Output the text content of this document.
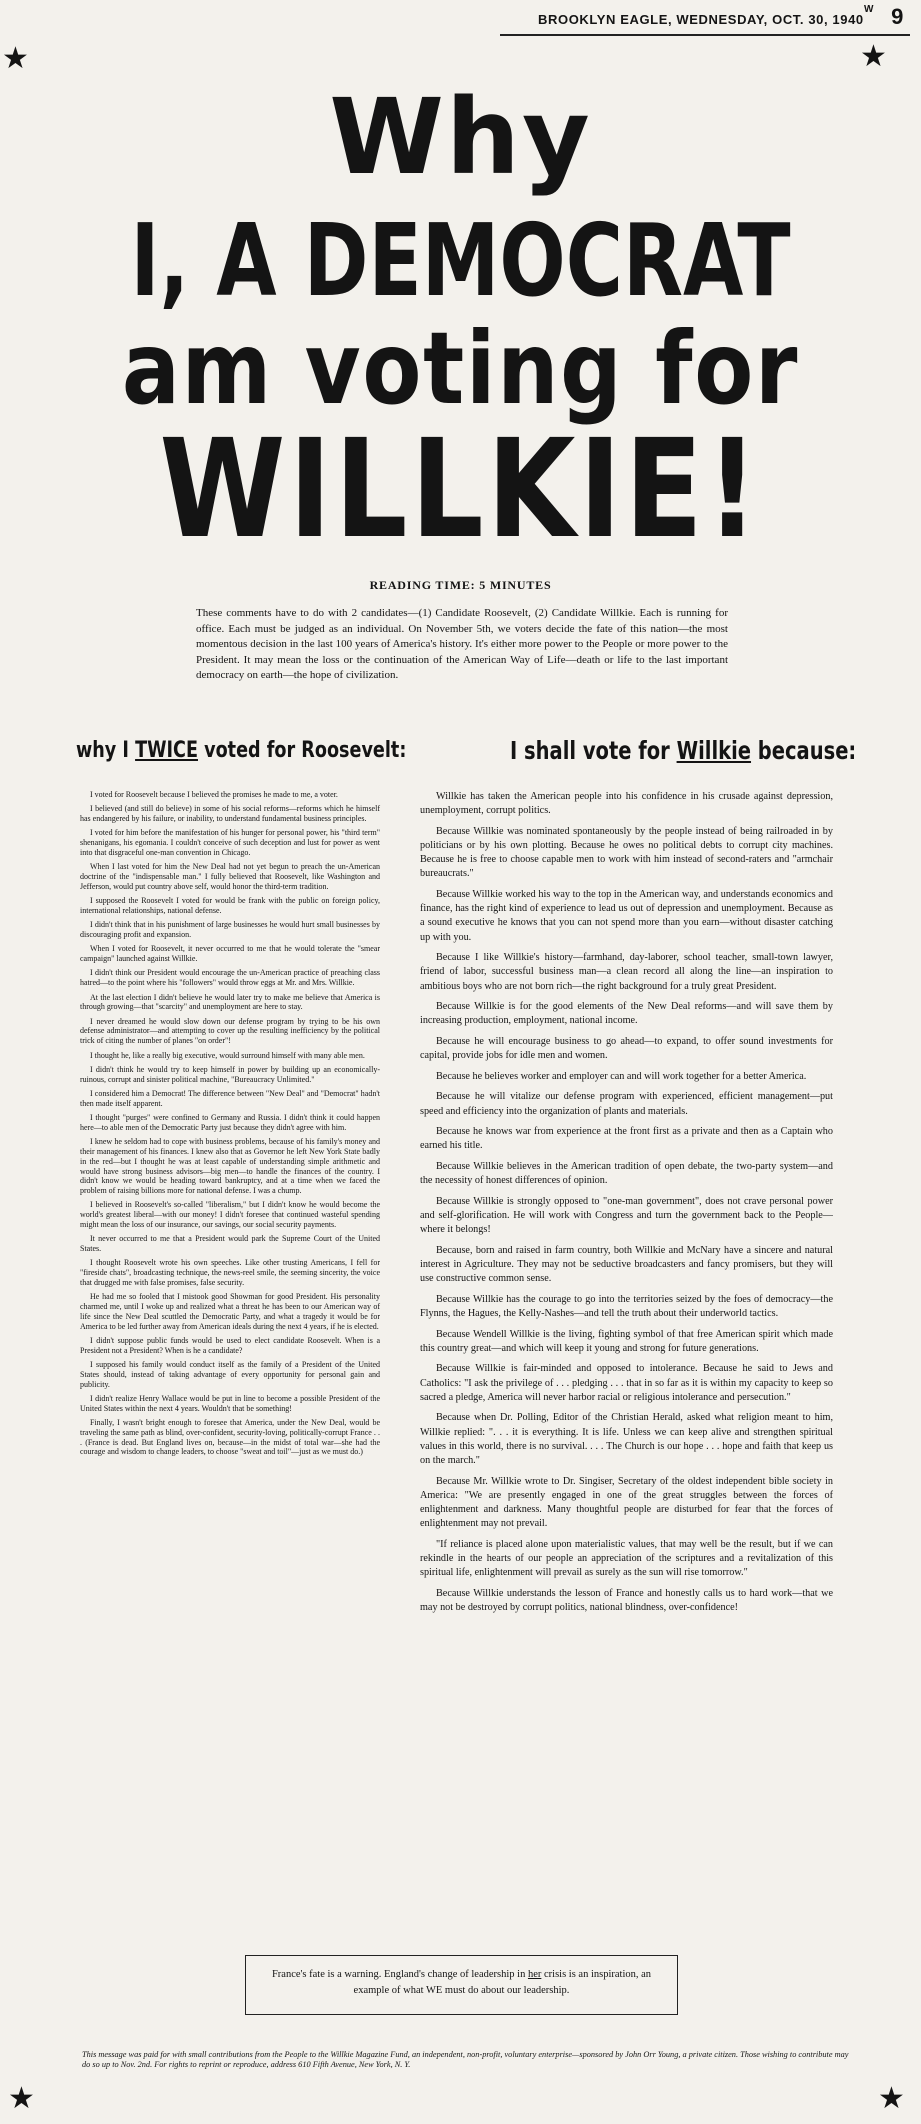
BROOKLYN EAGLE, WEDNESDAY, OCT. 30, 1940
W 9
★	★
★	★
Why
I, A DEMOCRAT
am voting for
WILLKIE!
READING TIME: 5 MINUTES
These comments have to do with 2 candidates—(1) Candidate Roosevelt, (2) Candidate Willkie. Each is running for office. Each must be judged as an individual. On November 5th, we voters decide the fate of this nation—the most momentous decision in the last 100 years of America's history. It's either more power to the People or more power to the President. It may mean the loss or the continuation of the American Way of Life—death or life to the last important democracy on earth—the hope of civilization.
why I TWICE voted for Roosevelt:	I shall vote for Willkie because:

I voted for Roosevelt because I believed the promises he made to me, a voter.

I believed (and still do believe) in some of his social reforms—reforms which he himself has endangered by his failure, or inability, to understand fundamental business principles.

I voted for him before the manifestation of his hunger for personal power, his "third term" shenanigans, his egomania. I couldn't conceive of such deception and lust for power as went into that disgraceful one-man convention in Chicago.

When I last voted for him the New Deal had not yet begun to preach the un-American doctrine of the "indispensable man." I fully believed that Roosevelt, like Washington and Jefferson, would put country above self, would honor the third-term tradition.

I supposed the Roosevelt I voted for would be frank with the public on foreign policy, international relationships, national defense.

I didn't think that in his punishment of large businesses he would hurt small businesses by discouraging profit and expansion.

When I voted for Roosevelt, it never occurred to me that he would tolerate the "smear campaign" launched against Willkie.

I didn't think our President would encourage the un-American practice of preaching class hatred—to the point where his "followers" would throw eggs at Mr. and Mrs. Willkie.

At the last election I didn't believe he would later try to make me believe that America is through growing—that "scarcity" and unemployment are here to stay.

I never dreamed he would slow down our defense program by trying to be his own defense administrator—and attempting to cover up the resulting inefficiency by the political trick of citing the number of planes "on order"!

I thought he, like a really big executive, would surround himself with many able men.

I didn't think he would try to keep himself in power by building up an economically-ruinous, corrupt and sinister political machine, "Bureaucracy Unlimited."

I considered him a Democrat! The difference between "New Deal" and "Democrat" hadn't then made itself apparent.

I thought "purges" were confined to Germany and Russia. I didn't think it could happen here—to able men of the Democratic Party just because they didn't agree with him.

I knew he seldom had to cope with business problems, because of his family's money and their management of his finances. I knew also that as Governor he left New York State badly in the red—but I thought he was at least capable of understanding simple arithmetic and would have strong business advisors—big men—to handle the finances of the country. I didn't know we would be heading toward bankruptcy, and at a time when we faced the problem of raising billions more for national defense. I was a chump.

I believed in Roosevelt's so-called "liberalism," but I didn't know he would become the world's greatest liberal—with our money! I didn't foresee that continued wasteful spending might mean the loss of our insurance, our savings, our social security payments.

It never occurred to me that a President would park the Supreme Court of the United States.

I thought Roosevelt wrote his own speeches. Like other trusting Americans, I fell for "fireside chats", broadcasting technique, the news-reel smile, the seeming sincerity, the voice that drugged me with false promises, false security.

He had me so fooled that I mistook good Showman for good President. His personality charmed me, until I woke up and realized what a threat he has been to our American way of life since the New Deal scuttled the Democratic Party, and what a tragedy it would be for America to be led further away from American ideals during the next 4 years, if he is elected.

I didn't suppose public funds would be used to elect candidate Roosevelt. When is a President not a President? When is he a candidate?

I supposed his family would conduct itself as the family of a President of the United States should, instead of taking advantage of every opportunity for personal gain and publicity.

I didn't realize Henry Wallace would be put in line to become a possible President of the United States within the next 4 years. Wouldn't that be something!

Finally, I wasn't bright enough to foresee that America, under the New Deal, would be traveling the same path as blind, over-confident, security-loving, politically-corrupt France . . . (France is dead. But England lives on, because—in the midst of total war—she had the courage and wisdom to change leaders, to choose "sweat and toil"—just as we must do.)

Willkie has taken the American people into his confidence in his crusade against depression, unemployment, corrupt politics.

Because Willkie was nominated spontaneously by the people instead of being railroaded in by politicians or by his own plotting. Because he owes no political debts to corrupt city machines. Because he is free to choose capable men to work with him instead of second-raters and "armchair bureaucrats."

Because Willkie worked his way to the top in the American way, and understands economics and finance, has the right kind of experience to lead us out of depression and unemployment. Because as a sound executive he knows that you can not spend more than you earn—without disaster catching up with you.

Because I like Willkie's history—farmhand, day-laborer, school teacher, small-town lawyer, friend of labor, successful business man—a clean record all along the line—an inspiration to ambitious boys who are not born rich—the right background for a truly great President.

Because Willkie is for the good elements of the New Deal reforms—and will save them by increasing production, employment, national income.

Because he will encourage business to go ahead—to expand, to offer sound investments for capital, provide jobs for idle men and women.

Because he believes worker and employer can and will work together for a better America.

Because he will vitalize our defense program with experienced, efficient management—put speed and efficiency into the organization of plants and materials.

Because he knows war from experience at the front first as a private and then as a Captain who earned his title.

Because Willkie believes in the American tradition of open debate, the two-party system—and the necessity of honest differences of opinion.

Because Willkie is strongly opposed to "one-man government", does not crave personal power and self-glorification. He will work with Congress and turn the government back to the People—where it belongs!

Because, born and raised in farm country, both Willkie and McNary have a sincere and natural interest in Agriculture. They may not be seductive broadcasters and fancy promisers, but they will use constructive common sense.

Because Willkie has the courage to go into the territories seized by the foes of democracy—the Flynns, the Hagues, the Kelly-Nashes—and tell the truth about their underworld tactics.

Because Wendell Willkie is the living, fighting symbol of that free American spirit which made this country great—and which will keep it young and strong for future generations.

Because Willkie is fair-minded and opposed to intolerance. Because he said to Jews and Catholics: "I ask the privilege of . . . pledging . . . that in so far as it is within my capacity to keep so sacred a pledge, America will never harbor racial or religious intolerance and persecution."

Because when Dr. Polling, Editor of the Christian Herald, asked what religion meant to him, Willkie replied: ". . . it is everything. It is life. Unless we can keep alive and strengthen spiritual values in this world, there is no survival. . . . The Church is our hope . . . hope and faith that keep us on the march."

Because Mr. Willkie wrote to Dr. Singiser, Secretary of the oldest independent bible society in America: "We are presently engaged in one of the great struggles between the forces of enlightenment and darkness. Many thoughtful people are disturbed for fear that the forces of enlightenment may not prevail.

"If reliance is placed alone upon materialistic values, that may well be the result, but if we can rekindle in the hearts of our people an appreciation of the scriptures and a revitalization of this spiritual life, enlightenment will prevail as surely as the sun will rise tomorrow."

Because Willkie understands the lesson of France and honestly calls us to hard work—that we may not be destroyed by corrupt politics, national blindness, over-confidence!

France's fate is a warning. England's change of leadership in her crisis is an inspiration, an example of what WE must do about our leadership.
This message was paid for with small contributions from the People to the Willkie Magazine Fund, an independent, non-profit, voluntary enterprise—sponsored by John Orr Young, a private citizen. Those wishing to contribute may do so up to Nov. 2nd. For rights to reprint or reproduce, address 610 Fifth Avenue, New York, N. Y.
